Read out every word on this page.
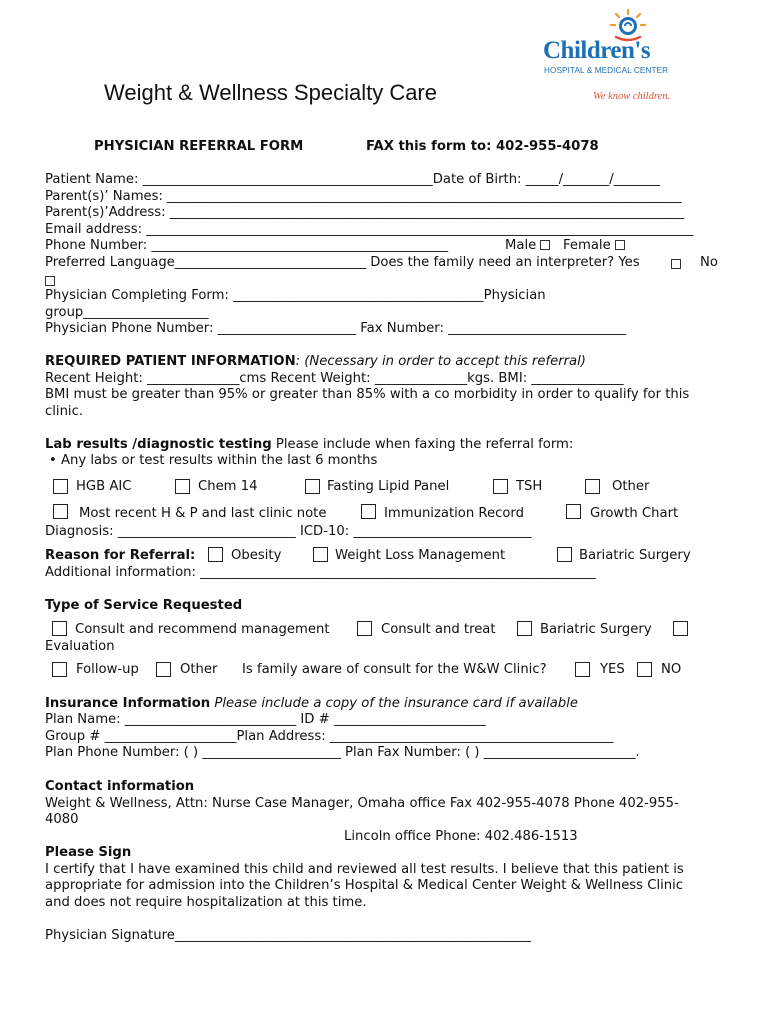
Children's
HOSPITAL & MEDICAL CENTER
We know children.
Weight & Wellness Specialty Care
PHYSICIAN REFERRAL FORM	FAX this form to: 402-955-4078
Patient Name: ____________________________________________Date of Birth: _____/_______/_______
Parent(s)’ Names: ______________________________________________________________________________
Parent(s)’Address: ______________________________________________________________________________
Email address: ___________________________________________________________________________________
Phone Number: _____________________________________________	Male Female
Preferred Language_____________________________ Does the family need an interpreter? Yes	No
Physician Completing Form: ______________________________________Physician
group___________________
Physician Phone Number: _____________________ Fax Number: ___________________________
REQUIRED PATIENT INFORMATION: (Necessary in order to accept this referral)
Recent Height: ______________cms Recent Weight: ______________kgs. BMI: ______________
BMI must be greater than 95% or greater than 85% with a co morbidity in order to qualify for this
clinic.
Lab results /diagnostic testing Please include when faxing the referral form:
• Any labs or test results within the last 6 months
HGB AIC	Chem 14	Fasting Lipid Panel	TSH	Other
Most recent H & P and last clinic note	Immunization Record	Growth Chart
Diagnosis: ___________________________ ICD-10: ___________________________
Reason for Referral:	Obesity	Weight Loss Management	Bariatric Surgery
Additional information: ____________________________________________________________
Type of Service Requested
Consult and recommend management	Consult and treat	Bariatric Surgery
Evaluation
Follow-up	Other Is family aware of consult for the W&W Clinic?	YES	NO
Insurance Information Please include a copy of the insurance card if available
Plan Name: __________________________ ID # _______________________
Group # ____________________Plan Address: ___________________________________________
Plan Phone Number: ( ) _____________________ Plan Fax Number: ( ) _______________________.
Contact information
Weight & Wellness, Attn: Nurse Case Manager, Omaha office Fax 402-955-4078 Phone 402-955-
4080
Lincoln office Phone: 402.486-1513
Please Sign
I certify that I have examined this child and reviewed all test results. I believe that this patient is
appropriate for admission into the Children’s Hospital & Medical Center Weight & Wellness Clinic
and does not require hospitalization at this time.
Physician Signature______________________________________________________
